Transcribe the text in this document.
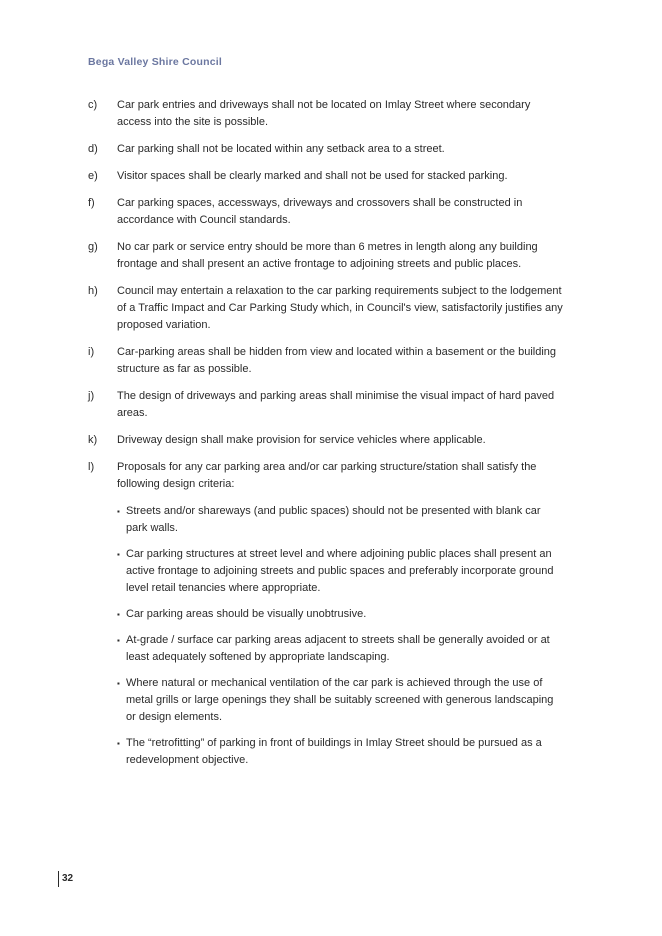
Bega Valley Shire Council
c)	Car park entries and driveways shall not be located on Imlay Street where secondary access into the site is possible.
d)	Car parking shall not be located within any setback area to a street.
e)	Visitor spaces shall be clearly marked and shall not be used for stacked parking.
f)	Car parking spaces, accessways, driveways and crossovers shall be constructed in accordance with Council standards.
g)	No car park or service entry should be more than 6 metres in length along any building frontage and shall present an active frontage to adjoining streets and public places.
h)	Council may entertain a relaxation to the car parking requirements subject to the lodgement of a Traffic Impact and Car Parking Study which, in Council's view, satisfactorily justifies any proposed variation.
i)	Car-parking areas shall be hidden from view and located within a basement or the building structure as far as possible.
j)	The design of driveways and parking areas shall minimise the visual impact of hard paved areas.
k)	Driveway design shall make provision for service vehicles where applicable.
l)	Proposals for any car parking area and/or car parking structure/station shall satisfy the following design criteria:
▪ Streets and/or shareways (and public spaces) should not be presented with blank car park walls.
▪ Car parking structures at street level and where adjoining public places shall present an active frontage to adjoining streets and public spaces and preferably incorporate ground level retail tenancies where appropriate.
▪ Car parking areas should be visually unobtrusive.
▪ At-grade / surface car parking areas adjacent to streets shall be generally avoided or at least adequately softened by appropriate landscaping.
▪ Where natural or mechanical ventilation of the car park is achieved through the use of metal grills or large openings they shall be suitably screened with generous landscaping or design elements.
▪ The “retrofitting” of parking in front of buildings in Imlay Street should be pursued as a redevelopment objective.
32
